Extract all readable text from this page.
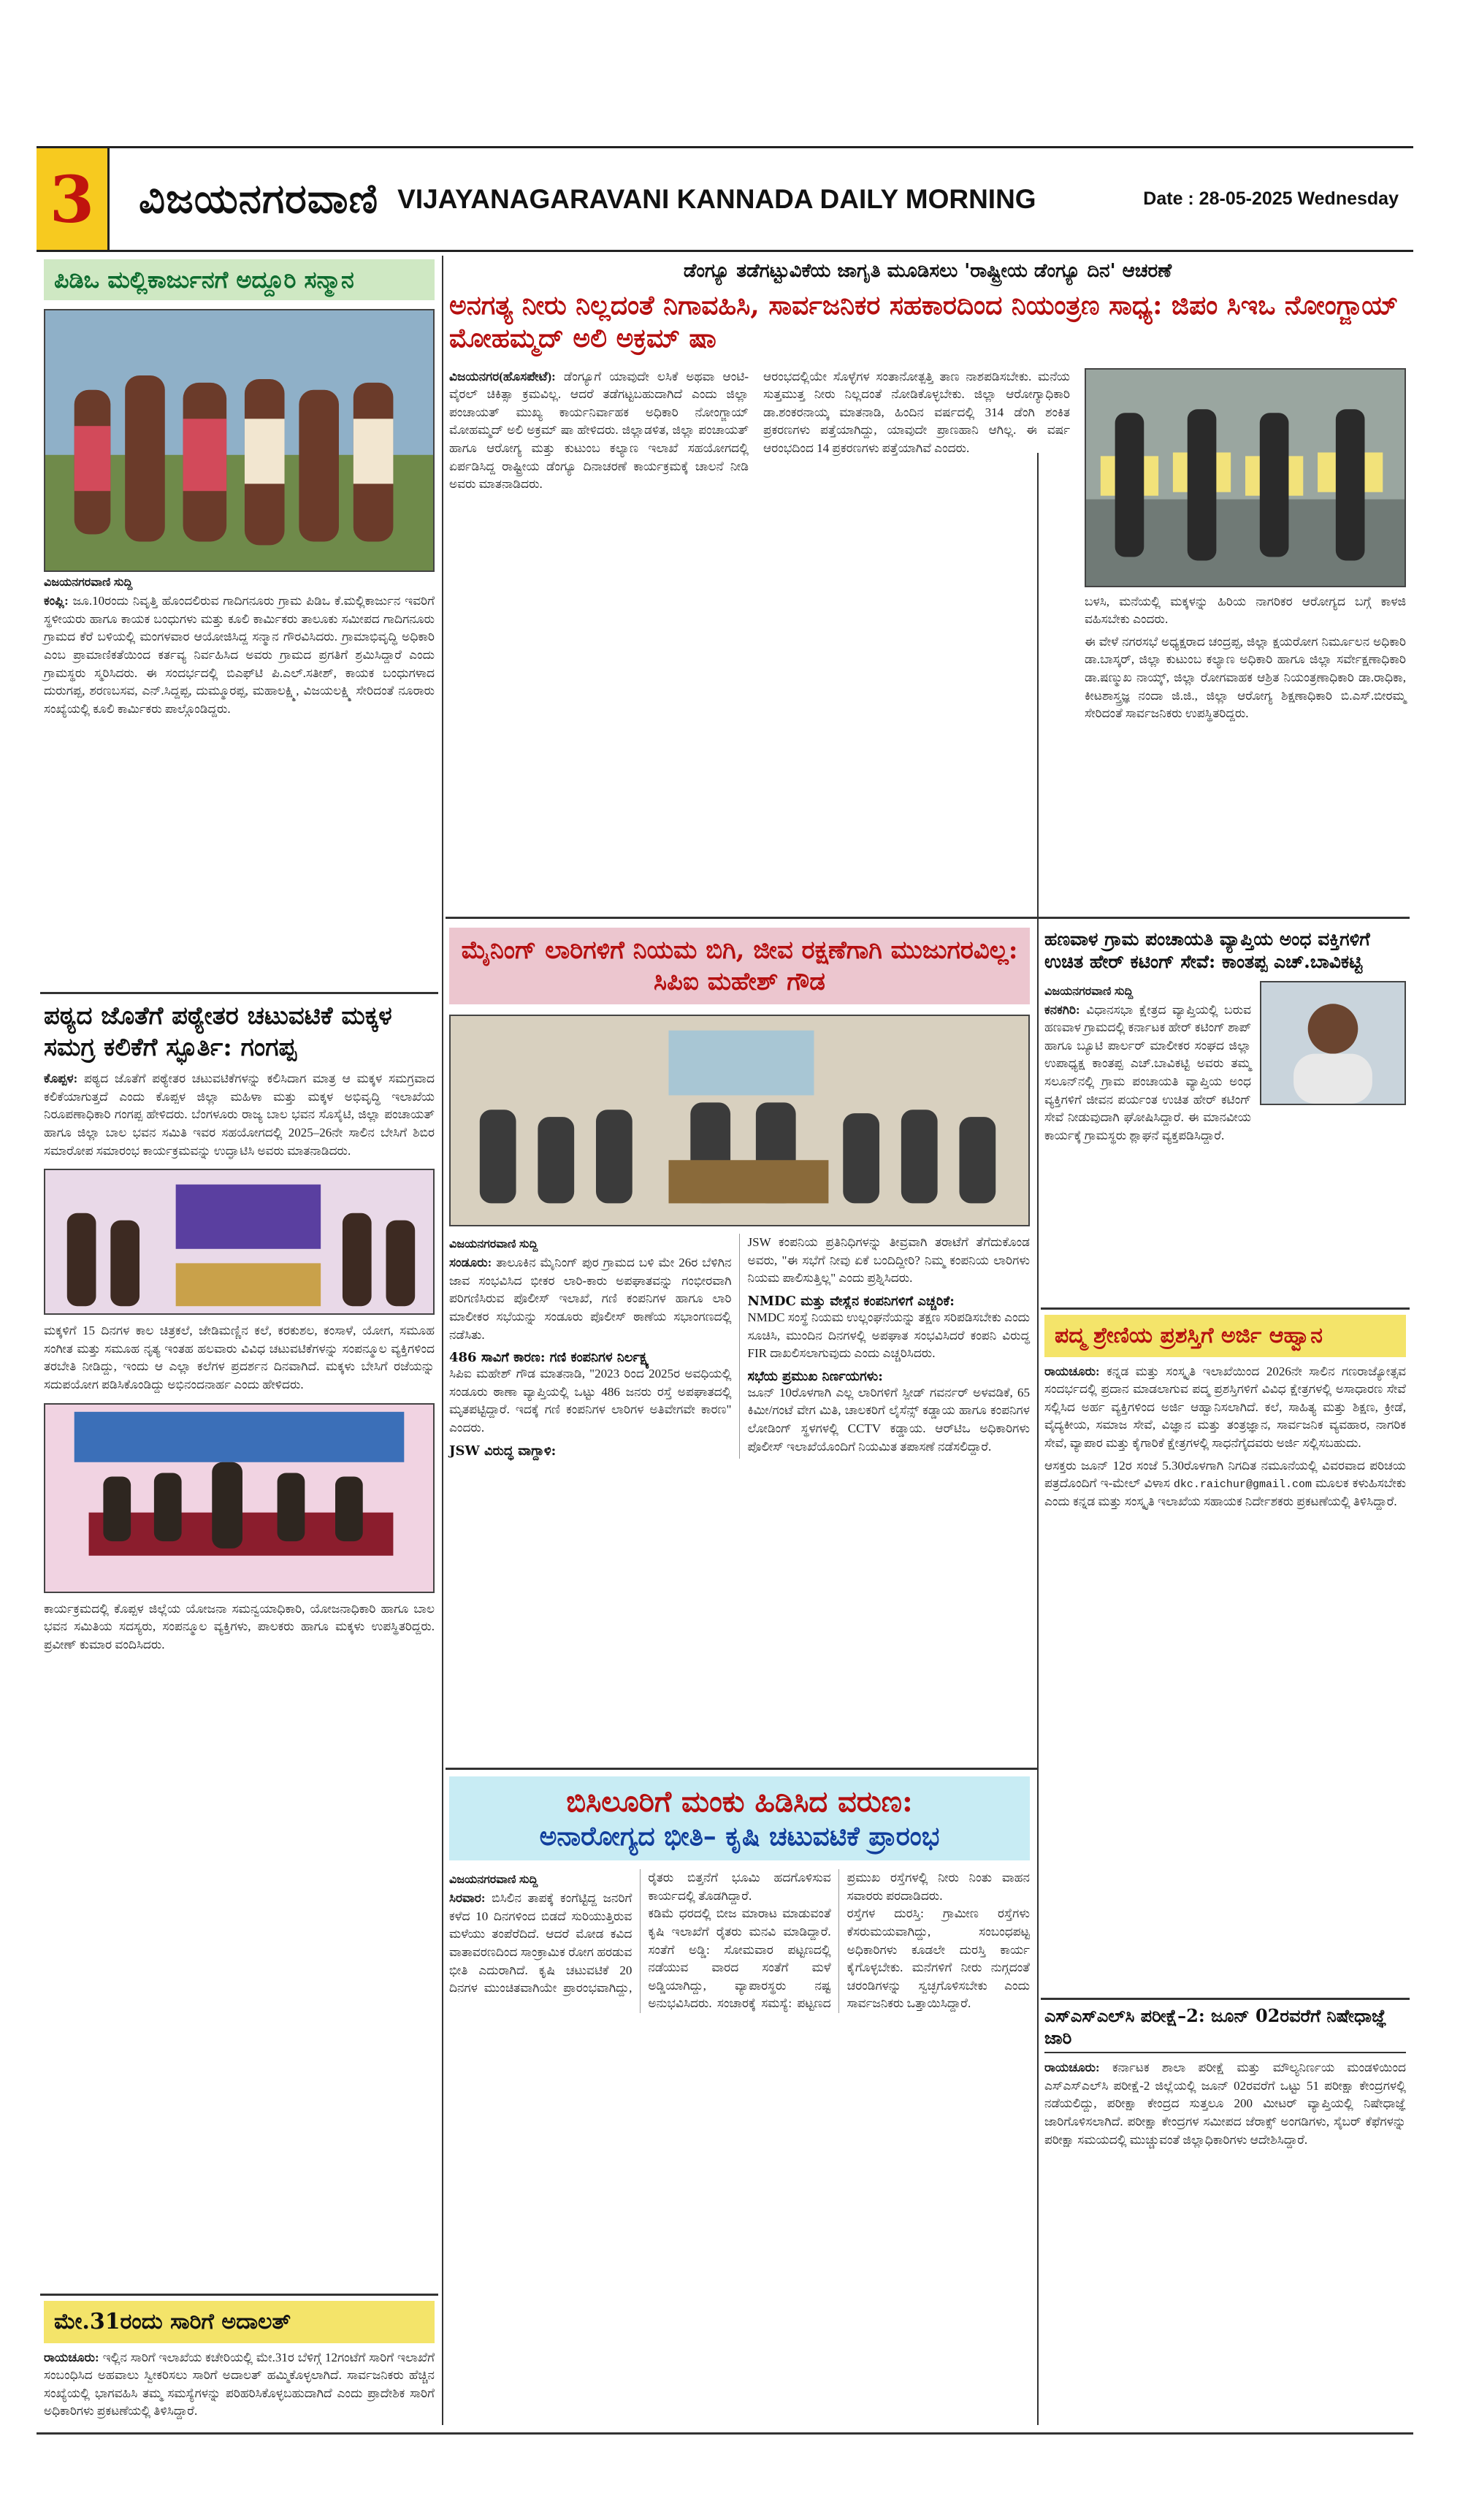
3	ವಿಜಯನಗರವಾಣಿ VIJAYANAGARAVANI KANNADA DAILY MORNING	Date : 28-05-2025 Wednesday
ಪಿಡಿಒ ಮಲ್ಲಿಕಾರ್ಜುನಗೆ ಅದ್ದೂರಿ ಸನ್ಮಾನ
ವಿಜಯನಗರವಾಣಿ ಸುದ್ದಿ

ಕಂಪ್ಲಿ: ಜೂ.10ರಂದು ನಿವೃತ್ತಿ ಹೊಂದಲಿರುವ ಗಾದಿಗನೂರು ಗ್ರಾಮ ಪಿಡಿಒ ಕೆ.ಮಲ್ಲಿಕಾರ್ಜುನ ಇವರಿಗೆ ಸ್ಥಳೀಯರು ಹಾಗೂ ಕಾಯಕ ಬಂಧುಗಳು ಮತ್ತು ಕೂಲಿ ಕಾರ್ಮಿಕರು ತಾಲೂಕು ಸಮೀಪದ ಗಾದಿಗನೂರು ಗ್ರಾಮದ ಕೆರೆ ಬಳಿಯಲ್ಲಿ ಮಂಗಳವಾರ ಆಯೋಜಿಸಿದ್ದ ಸನ್ಮಾನ ಗೌರವಿಸಿದರು. ಗ್ರಾಮಾಭಿವೃದ್ಧಿ ಅಧಿಕಾರಿ ಎಂಬ ಪ್ರಾಮಾಣಿಕತೆಯಿಂದ ಕರ್ತವ್ಯ ನಿರ್ವಹಿಸಿದ ಅವರು ಗ್ರಾಮದ ಪ್ರಗತಿಗೆ ಶ್ರಮಿಸಿದ್ದಾರೆ ಎಂದು ಗ್ರಾಮಸ್ಥರು ಸ್ಮರಿಸಿದರು. ಈ ಸಂದರ್ಭದಲ್ಲಿ ಬಿಎಫ್‌ಟಿ ಪಿ.ಎಲ್.ಸತೀಶ್, ಕಾಯಕ ಬಂಧುಗಳಾದ ದುರುಗಪ್ಪ, ಶರಣಬಸವ, ಎನ್.ಸಿದ್ದಪ್ಪ, ದುಮ್ಮೂರಪ್ಪ, ಮಹಾಲಕ್ಷ್ಮಿ, ವಿಜಯಲಕ್ಷ್ಮಿ ಸೇರಿದಂತೆ ನೂರಾರು ಸಂಖ್ಯೆಯಲ್ಲಿ ಕೂಲಿ ಕಾರ್ಮಿಕರು ಪಾಲ್ಗೊಂಡಿದ್ದರು.

ಪಠ್ಯದ ಜೊತೆಗೆ ಪಠ್ಯೇತರ ಚಟುವಟಿಕೆ ಮಕ್ಕಳ ಸಮಗ್ರ ಕಲಿಕೆಗೆ ಸ್ಫೂರ್ತಿ: ಗಂಗಪ್ಪ

ಕೊಪ್ಪಳ: ಪಠ್ಯದ ಜೊತೆಗೆ ಪಠ್ಯೇತರ ಚಟುವಟಿಕೆಗಳನ್ನು ಕಲಿಸಿದಾಗ ಮಾತ್ರ ಆ ಮಕ್ಕಳ ಸಮಗ್ರವಾದ ಕಲಿಕೆಯಾಗುತ್ತದೆ ಎಂದು ಕೊಪ್ಪಳ ಜಿಲ್ಲಾ ಮಹಿಳಾ ಮತ್ತು ಮಕ್ಕಳ ಅಭಿವೃದ್ಧಿ ಇಲಾಖೆಯ ನಿರೂಪಣಾಧಿಕಾರಿ ಗಂಗಪ್ಪ ಹೇಳಿದರು. ಬೆಂಗಳೂರು ರಾಜ್ಯ ಬಾಲ ಭವನ ಸೊಸೈಟಿ, ಜಿಲ್ಲಾ ಪಂಚಾಯತ್ ಹಾಗೂ ಜಿಲ್ಲಾ ಬಾಲ ಭವನ ಸಮಿತಿ ಇವರ ಸಹಯೋಗದಲ್ಲಿ 2025–26ನೇ ಸಾಲಿನ ಬೇಸಿಗೆ ಶಿಬಿರ ಸಮಾರೋಪ ಸಮಾರಂಭ ಕಾರ್ಯಕ್ರಮವನ್ನು ಉದ್ಘಾಟಿಸಿ ಅವರು ಮಾತನಾಡಿದರು.

ಮಕ್ಕಳಿಗೆ 15 ದಿನಗಳ ಕಾಲ ಚಿತ್ರಕಲೆ, ಜೇಡಿಮಣ್ಣಿನ ಕಲೆ, ಕರಕುಶಲ, ಕಂಸಾಳೆ, ಯೋಗ, ಸಮೂಹ ಸಂಗೀತ ಮತ್ತು ಸಮೂಹ ನೃತ್ಯ ಇಂತಹ ಹಲವಾರು ವಿವಿಧ ಚಟುವಟಿಕೆಗಳನ್ನು ಸಂಪನ್ಮೂಲ ವ್ಯಕ್ತಿಗಳಿಂದ ತರಬೇತಿ ನೀಡಿದ್ದು, ಇಂದು ಆ ಎಲ್ಲಾ ಕಲೆಗಳ ಪ್ರದರ್ಶನ ದಿನವಾಗಿದೆ. ಮಕ್ಕಳು ಬೇಸಿಗೆ ರಜೆಯನ್ನು ಸದುಪಯೋಗ ಪಡಿಸಿಕೊಂಡಿದ್ದು ಅಭಿನಂದನಾರ್ಹ ಎಂದು ಹೇಳಿದರು.

ಕಾರ್ಯಕ್ರಮದಲ್ಲಿ ಕೊಪ್ಪಳ ಜಿಲ್ಲೆಯ ಯೋಜನಾ ಸಮನ್ವಯಾಧಿಕಾರಿ, ಯೋಜನಾಧಿಕಾರಿ ಹಾಗೂ ಬಾಲ ಭವನ ಸಮಿತಿಯ ಸದಸ್ಯರು, ಸಂಪನ್ಮೂಲ ವ್ಯಕ್ತಿಗಳು, ಪಾಲಕರು ಹಾಗೂ ಮಕ್ಕಳು ಉಪಸ್ಥಿತರಿದ್ದರು. ಪ್ರವೀಣ್ ಕುಮಾರ ವಂದಿಸಿದರು.

ಮೇ.31ರಂದು ಸಾರಿಗೆ ಅದಾಲತ್

ರಾಯಚೂರು: ಇಲ್ಲಿನ ಸಾರಿಗೆ ಇಲಾಖೆಯ ಕಚೇರಿಯಲ್ಲಿ ಮೇ.31ರ ಬೆಳಿಗ್ಗೆ 12ಗಂಟೆಗೆ ಸಾರಿಗೆ ಇಲಾಖೆಗೆ ಸಂಬಂಧಿಸಿದ ಅಹವಾಲು ಸ್ವೀಕರಿಸಲು ಸಾರಿಗೆ ಅದಾಲತ್ ಹಮ್ಮಿಕೊಳ್ಳಲಾಗಿದೆ. ಸಾರ್ವಜನಿಕರು ಹೆಚ್ಚಿನ ಸಂಖ್ಯೆಯಲ್ಲಿ ಭಾಗವಹಿಸಿ ತಮ್ಮ ಸಮಸ್ಯೆಗಳನ್ನು ಪರಿಹರಿಸಿಕೊಳ್ಳಬಹುದಾಗಿದೆ ಎಂದು ಪ್ರಾದೇಶಿಕ ಸಾರಿಗೆ ಅಧಿಕಾರಿಗಳು ಪ್ರಕಟಣೆಯಲ್ಲಿ ತಿಳಿಸಿದ್ದಾರೆ.

ಡೆಂಗ್ಯೂ ತಡೆಗಟ್ಟುವಿಕೆಯ ಜಾಗೃತಿ ಮೂಡಿಸಲು 'ರಾಷ್ಟ್ರೀಯ ಡೆಂಗ್ಯೂ ದಿನ' ಆಚರಣೆ
ಅನಗತ್ಯ ನೀರು ನಿಲ್ಲದಂತೆ ನಿಗಾವಹಿಸಿ, ಸಾರ್ವಜನಿಕರ ಸಹಕಾರದಿಂದ ನಿಯಂತ್ರಣ ಸಾಧ್ಯ: ಜಿಪಂ ಸಿಇಒ ನೋಂಗ್ಜಾಯ್ ಮೋಹಮ್ಮದ್ ಅಲಿ ಅಕ್ರಮ್ ಷಾ

ವಿಜಯನಗರ(ಹೊಸಪೇಟೆ): ಡೆಂಗ್ಯೂಗೆ ಯಾವುದೇ ಲಸಿಕೆ ಅಥವಾ ಆಂಟಿ-ವೈರಲ್ ಚಿಕಿತ್ಸಾ ಕ್ರಮವಿಲ್ಲ. ಆದರೆ ತಡೆಗಟ್ಟಬಹುದಾಗಿದೆ ಎಂದು ಜಿಲ್ಲಾ ಪಂಚಾಯತ್ ಮುಖ್ಯ ಕಾರ್ಯನಿರ್ವಾಹಕ ಅಧಿಕಾರಿ ನೋಂಗ್ಜಾಯ್ ಮೋಹಮ್ಮದ್ ಅಲಿ ಅಕ್ರಮ್ ಷಾ ಹೇಳಿದರು. ಜಿಲ್ಲಾಡಳಿತ, ಜಿಲ್ಲಾ ಪಂಚಾಯತ್ ಹಾಗೂ ಆರೋಗ್ಯ ಮತ್ತು ಕುಟುಂಬ ಕಲ್ಯಾಣ ಇಲಾಖೆ ಸಹಯೋಗದಲ್ಲಿ ಏರ್ಪಡಿಸಿದ್ದ ರಾಷ್ಟ್ರೀಯ ಡೆಂಗ್ಯೂ ದಿನಾಚರಣೆ ಕಾರ್ಯಕ್ರಮಕ್ಕೆ ಚಾಲನೆ ನೀಡಿ ಅವರು ಮಾತನಾಡಿದರು.

ಆರಂಭದಲ್ಲಿಯೇ ಸೊಳ್ಳೆಗಳ ಸಂತಾನೋತ್ಪತ್ತಿ ತಾಣ ನಾಶಪಡಿಸಬೇಕು. ಮನೆಯ ಸುತ್ತಮುತ್ತ ನೀರು ನಿಲ್ಲದಂತೆ ನೋಡಿಕೊಳ್ಳಬೇಕು. ಜಿಲ್ಲಾ ಆರೋಗ್ಯಾಧಿಕಾರಿ ಡಾ.ಶಂಕರನಾಯ್ಕ ಮಾತನಾಡಿ, ಹಿಂದಿನ ವರ್ಷದಲ್ಲಿ 314 ಡೆಂಗಿ ಶಂಕಿತ ಪ್ರಕರಣಗಳು ಪತ್ತೆಯಾಗಿದ್ದು, ಯಾವುದೇ ಪ್ರಾಣಹಾನಿ ಆಗಿಲ್ಲ. ಈ ವರ್ಷ ಆರಂಭದಿಂದ 14 ಪ್ರಕರಣಗಳು ಪತ್ತೆಯಾಗಿವೆ ಎಂದರು.

ಬಳಸಿ, ಮನೆಯಲ್ಲಿ ಮಕ್ಕಳನ್ನು ಹಿರಿಯ ನಾಗರಿಕರ ಆರೋಗ್ಯದ ಬಗ್ಗೆ ಕಾಳಜಿ ವಹಿಸಬೇಕು ಎಂದರು.

ಈ ವೇಳೆ ನಗರಸಭೆ ಅಧ್ಯಕ್ಷರಾದ ಚಂದ್ರಪ್ಪ, ಜಿಲ್ಲಾ ಕ್ಷಯರೋಗ ನಿರ್ಮೂಲನ ಅಧಿಕಾರಿ ಡಾ.ಬಾಸ್ಕರ್, ಜಿಲ್ಲಾ ಕುಟುಂಬ ಕಲ್ಯಾಣ ಅಧಿಕಾರಿ ಹಾಗೂ ಜಿಲ್ಲಾ ಸರ್ವೇಕ್ಷಣಾಧಿಕಾರಿ ಡಾ.ಷಣ್ಮುಖ ನಾಯ್ಕ್, ಜಿಲ್ಲಾ ರೋಗವಾಹಕ ಆಶ್ರಿತ ನಿಯಂತ್ರಣಾಧಿಕಾರಿ ಡಾ.ರಾಧಿಕಾ, ಕೀಟಶಾಸ್ತ್ರಜ್ಞ ನಂದಾ ಜಿ.ಜಿ., ಜಿಲ್ಲಾ ಆರೋಗ್ಯ ಶಿಕ್ಷಣಾಧಿಕಾರಿ ಬಿ.ಎಸ್.ಬೀರಮ್ಮ ಸೇರಿದಂತೆ ಸಾರ್ವಜನಿಕರು ಉಪಸ್ಥಿತರಿದ್ದರು.

ಮೈನಿಂಗ್ ಲಾರಿಗಳಿಗೆ ನಿಯಮ ಬಿಗಿ, ಜೀವ ರಕ್ಷಣೆಗಾಗಿ ಮುಜುಗರವಿಲ್ಲ: ಸಿಪಿಐ ಮಹೇಶ್ ಗೌಡ
ವಿಜಯನಗರವಾಣಿ ಸುದ್ದಿ

ಸಂಡೂರು: ತಾಲೂಕಿನ ಮೈನಿಂಗ್ ಪುರ ಗ್ರಾಮದ ಬಳಿ ಮೇ 26ರ ಬೆಳಿಗಿನ ಜಾವ ಸಂಭವಿಸಿದ ಭೀಕರ ಲಾರಿ-ಕಾರು ಅಪಘಾತವನ್ನು ಗಂಭೀರವಾಗಿ ಪರಿಗಣಿಸಿರುವ ಪೊಲೀಸ್ ಇಲಾಖೆ, ಗಣಿ ಕಂಪನಿಗಳ ಹಾಗೂ ಲಾರಿ ಮಾಲೀಕರ ಸಭೆಯನ್ನು ಸಂಡೂರು ಪೊಲೀಸ್ ಠಾಣೆಯ ಸಭಾಂಗಣದಲ್ಲಿ ನಡೆಸಿತು.

486 ಸಾವಿಗೆ ಕಾರಣ: ಗಣಿ ಕಂಪನಿಗಳ ನಿರ್ಲಕ್ಷ್ಯ

ಸಿಪಿಐ ಮಹೇಶ್ ಗೌಡ ಮಾತನಾಡಿ, "2023 ರಿಂದ 2025ರ ಅವಧಿಯಲ್ಲಿ ಸಂಡೂರು ಠಾಣಾ ವ್ಯಾಪ್ತಿಯಲ್ಲಿ ಒಟ್ಟು 486 ಜನರು ರಸ್ತೆ ಅಪಘಾತದಲ್ಲಿ ಮೃತಪಟ್ಟಿದ್ದಾರೆ. ಇದಕ್ಕೆ ಗಣಿ ಕಂಪನಿಗಳ ಲಾರಿಗಳ ಅತಿವೇಗವೇ ಕಾರಣ" ಎಂದರು.

JSW ವಿರುದ್ಧ ವಾಗ್ದಾಳಿ:

JSW ಕಂಪನಿಯ ಪ್ರತಿನಿಧಿಗಳನ್ನು ತೀವ್ರವಾಗಿ ತರಾಟೆಗೆ ತೆಗೆದುಕೊಂಡ ಅವರು, "ಈ ಸಭೆಗೆ ನೀವು ಏಕೆ ಬಂದಿದ್ದೀರಿ? ನಿಮ್ಮ ಕಂಪನಿಯ ಲಾರಿಗಳು ನಿಯಮ ಪಾಲಿಸುತ್ತಿಲ್ಲ" ಎಂದು ಪ್ರಶ್ನಿಸಿದರು.

NMDC ಮತ್ತು ವೇಸ್ಲೆನ ಕಂಪನಿಗಳಿಗೆ ಎಚ್ಚರಿಕೆ:

NMDC ಸಂಸ್ಥೆ ನಿಯಮ ಉಲ್ಲಂಘನೆಯನ್ನು ತಕ್ಷಣ ಸರಿಪಡಿಸಬೇಕು ಎಂದು ಸೂಚಿಸಿ, ಮುಂದಿನ ದಿನಗಳಲ್ಲಿ ಅಪಘಾತ ಸಂಭವಿಸಿದರೆ ಕಂಪನಿ ವಿರುದ್ಧ FIR ದಾಖಲಿಸಲಾಗುವುದು ಎಂದು ಎಚ್ಚರಿಸಿದರು.

ಸಭೆಯ ಪ್ರಮುಖ ನಿರ್ಣಯಗಳು:

ಜೂನ್ 10ರೊಳಗಾಗಿ ಎಲ್ಲ ಲಾರಿಗಳಿಗೆ ಸ್ಪೀಡ್ ಗವರ್ನರ್ ಅಳವಡಿಕೆ, 65 ಕಿಮೀ/ಗಂಟೆ ವೇಗ ಮಿತಿ, ಚಾಲಕರಿಗೆ ಲೈಸೆನ್ಸ್ ಕಡ್ಡಾಯ ಹಾಗೂ ಕಂಪನಿಗಳ ಲೋಡಿಂಗ್ ಸ್ಥಳಗಳಲ್ಲಿ CCTV ಕಡ್ಡಾಯ. ಆರ್‌ಟಿಒ ಅಧಿಕಾರಿಗಳು ಪೊಲೀಸ್ ಇಲಾಖೆಯೊಂದಿಗೆ ನಿಯಮಿತ ತಪಾಸಣೆ ನಡೆಸಲಿದ್ದಾರೆ.

ಹಣವಾಳ ಗ್ರಾಮ ಪಂಚಾಯತಿ ವ್ಯಾಪ್ತಿಯ ಅಂಧ ವಕ್ತಿಗಳಿಗೆ ಉಚಿತ ಹೇರ್ ಕಟಿಂಗ್ ಸೇವೆ: ಕಾಂತಪ್ಪ ಎಚ್.ಬಾವಿಕಟ್ಟಿ
ವಿಜಯನಗರವಾಣಿ ಸುದ್ದಿ

ಕನಕಗಿರಿ: ವಿಧಾನಸಭಾ ಕ್ಷೇತ್ರದ ವ್ಯಾಪ್ತಿಯಲ್ಲಿ ಬರುವ ಹಣವಾಳ ಗ್ರಾಮದಲ್ಲಿ ಕರ್ನಾಟಕ ಹೇರ್ ಕಟಿಂಗ್ ಶಾಪ್ ಹಾಗೂ ಬ್ಯೂಟಿ ಪಾರ್ಲರ್ ಮಾಲೀಕರ ಸಂಘದ ಜಿಲ್ಲಾ ಉಪಾಧ್ಯಕ್ಷ ಕಾಂತಪ್ಪ ಎಚ್.ಬಾವಿಕಟ್ಟಿ ಅವರು ತಮ್ಮ ಸಲೂನ್‌ನಲ್ಲಿ ಗ್ರಾಮ ಪಂಚಾಯತಿ ವ್ಯಾಪ್ತಿಯ ಅಂಧ ವ್ಯಕ್ತಿಗಳಿಗೆ ಜೀವನ ಪರ್ಯಂತ ಉಚಿತ ಹೇರ್ ಕಟಿಂಗ್ ಸೇವೆ ನೀಡುವುದಾಗಿ ಘೋಷಿಸಿದ್ದಾರೆ. ಈ ಮಾನವೀಯ ಕಾರ್ಯಕ್ಕೆ ಗ್ರಾಮಸ್ಥರು ಶ್ಲಾಘನೆ ವ್ಯಕ್ತಪಡಿಸಿದ್ದಾರೆ.

ಪದ್ಮ ಶ್ರೇಣಿಯ ಪ್ರಶಸ್ತಿಗೆ ಅರ್ಜಿ ಆಹ್ವಾನ

ರಾಯಚೂರು: ಕನ್ನಡ ಮತ್ತು ಸಂಸ್ಕೃತಿ ಇಲಾಖೆಯಿಂದ 2026ನೇ ಸಾಲಿನ ಗಣರಾಜ್ಯೋತ್ಸವ ಸಂದರ್ಭದಲ್ಲಿ ಪ್ರದಾನ ಮಾಡಲಾಗುವ ಪದ್ಮ ಪ್ರಶಸ್ತಿಗಳಿಗೆ ವಿವಿಧ ಕ್ಷೇತ್ರಗಳಲ್ಲಿ ಅಸಾಧಾರಣ ಸೇವೆ ಸಲ್ಲಿಸಿದ ಅರ್ಹ ವ್ಯಕ್ತಿಗಳಿಂದ ಅರ್ಜಿ ಆಹ್ವಾನಿಸಲಾಗಿದೆ. ಕಲೆ, ಸಾಹಿತ್ಯ ಮತ್ತು ಶಿಕ್ಷಣ, ಕ್ರೀಡೆ, ವೈದ್ಯಕೀಯ, ಸಮಾಜ ಸೇವೆ, ವಿಜ್ಞಾನ ಮತ್ತು ತಂತ್ರಜ್ಞಾನ, ಸಾರ್ವಜನಿಕ ವ್ಯವಹಾರ, ನಾಗರಿಕ ಸೇವೆ, ವ್ಯಾಪಾರ ಮತ್ತು ಕೈಗಾರಿಕೆ ಕ್ಷೇತ್ರಗಳಲ್ಲಿ ಸಾಧನೆಗೈದವರು ಅರ್ಜಿ ಸಲ್ಲಿಸಬಹುದು.

ಆಸಕ್ತರು ಜೂನ್ 12ರ ಸಂಜೆ 5.30ರೊಳಗಾಗಿ ನಿಗದಿತ ನಮೂನೆಯಲ್ಲಿ ವಿವರವಾದ ಪರಿಚಯ ಪತ್ರದೊಂದಿಗೆ ಇ-ಮೇಲ್ ವಿಳಾಸ dkc.raichur@gmail.com ಮೂಲಕ ಕಳುಹಿಸಬೇಕು ಎಂದು ಕನ್ನಡ ಮತ್ತು ಸಂಸ್ಕೃತಿ ಇಲಾಖೆಯ ಸಹಾಯಕ ನಿರ್ದೇಶಕರು ಪ್ರಕಟಣೆಯಲ್ಲಿ ತಿಳಿಸಿದ್ದಾರೆ.

ಎಸ್‌ಎಸ್‌ಎಲ್‌ಸಿ ಪರೀಕ್ಷೆ–2: ಜೂನ್ 02ರವರೆಗೆ ನಿಷೇಧಾಜ್ಞೆ ಜಾರಿ

ರಾಯಚೂರು: ಕರ್ನಾಟಕ ಶಾಲಾ ಪರೀಕ್ಷೆ ಮತ್ತು ಮೌಲ್ಯನಿರ್ಣಯ ಮಂಡಳಿಯಿಂದ ಎಸ್‌ಎಸ್‌ಎಲ್‌ಸಿ ಪರೀಕ್ಷೆ-2 ಜಿಲ್ಲೆಯಲ್ಲಿ ಜೂನ್ 02ರವರೆಗೆ ಒಟ್ಟು 51 ಪರೀಕ್ಷಾ ಕೇಂದ್ರಗಳಲ್ಲಿ ನಡೆಯಲಿದ್ದು, ಪರೀಕ್ಷಾ ಕೇಂದ್ರದ ಸುತ್ತಲೂ 200 ಮೀಟರ್ ವ್ಯಾಪ್ತಿಯಲ್ಲಿ ನಿಷೇಧಾಜ್ಞೆ ಜಾರಿಗೊಳಿಸಲಾಗಿದೆ. ಪರೀಕ್ಷಾ ಕೇಂದ್ರಗಳ ಸಮೀಪದ ಜೆರಾಕ್ಸ್ ಅಂಗಡಿಗಳು, ಸೈಬರ್ ಕೆಫೆಗಳನ್ನು ಪರೀಕ್ಷಾ ಸಮಯದಲ್ಲಿ ಮುಚ್ಚುವಂತೆ ಜಿಲ್ಲಾಧಿಕಾರಿಗಳು ಆದೇಶಿಸಿದ್ದಾರೆ.

ಬಿಸಿಲೂರಿಗೆ ಮಂಕು ಹಿಡಿಸಿದ ವರುಣ:
ಅನಾರೋಗ್ಯದ ಭೀತಿ– ಕೃಷಿ ಚಟುವಟಿಕೆ ಪ್ರಾರಂಭ
ವಿಜಯನಗರವಾಣಿ ಸುದ್ದಿ

ಸಿರವಾರ: ಬಿಸಿಲಿನ ತಾಪಕ್ಕೆ ಕಂಗೆಟ್ಟಿದ್ದ ಜನರಿಗೆ ಕಳೆದ 10 ದಿನಗಳಿಂದ ಬಿಡದೆ ಸುರಿಯುತ್ತಿರುವ ಮಳೆಯು ತಂಪೆರೆದಿದೆ. ಆದರೆ ಮೋಡ ಕವಿದ ವಾತಾವರಣದಿಂದ ಸಾಂಕ್ರಾಮಿಕ ರೋಗ ಹರಡುವ ಭೀತಿ ಎದುರಾಗಿದೆ. ಕೃಷಿ ಚಟುವಟಿಕೆ 20 ದಿನಗಳ ಮುಂಚಿತವಾಗಿಯೇ ಪ್ರಾರಂಭವಾಗಿದ್ದು, ರೈತರು ಬಿತ್ತನೆಗೆ ಭೂಮಿ ಹದಗೊಳಿಸುವ ಕಾರ್ಯದಲ್ಲಿ ತೊಡಗಿದ್ದಾರೆ.

ಕಡಿಮೆ ಧರದಲ್ಲಿ ಬೀಜ ಮಾರಾಟ ಮಾಡುವಂತೆ ಕೃಷಿ ಇಲಾಖೆಗೆ ರೈತರು ಮನವಿ ಮಾಡಿದ್ದಾರೆ. ಸಂತೆಗೆ ಅಡ್ಡಿ: ಸೋಮವಾರ ಪಟ್ಟಣದಲ್ಲಿ ನಡೆಯುವ ವಾರದ ಸಂತೆಗೆ ಮಳೆ ಅಡ್ಡಿಯಾಗಿದ್ದು, ವ್ಯಾಪಾರಸ್ಥರು ನಷ್ಟ ಅನುಭವಿಸಿದರು. ಸಂಚಾರಕ್ಕೆ ಸಮಸ್ಯೆ: ಪಟ್ಟಣದ ಪ್ರಮುಖ ರಸ್ತೆಗಳಲ್ಲಿ ನೀರು ನಿಂತು ವಾಹನ ಸವಾರರು ಪರದಾಡಿದರು.

ರಸ್ತೆಗಳ ದುರಸ್ತಿ: ಗ್ರಾಮೀಣ ರಸ್ತೆಗಳು ಕೆಸರುಮಯವಾಗಿದ್ದು, ಸಂಬಂಧಪಟ್ಟ ಅಧಿಕಾರಿಗಳು ಕೂಡಲೇ ದುರಸ್ತಿ ಕಾರ್ಯ ಕೈಗೊಳ್ಳಬೇಕು. ಮನೆಗಳಿಗೆ ನೀರು ನುಗ್ಗದಂತೆ ಚರಂಡಿಗಳನ್ನು ಸ್ವಚ್ಛಗೊಳಿಸಬೇಕು ಎಂದು ಸಾರ್ವಜನಿಕರು ಒತ್ತಾಯಿಸಿದ್ದಾರೆ.
